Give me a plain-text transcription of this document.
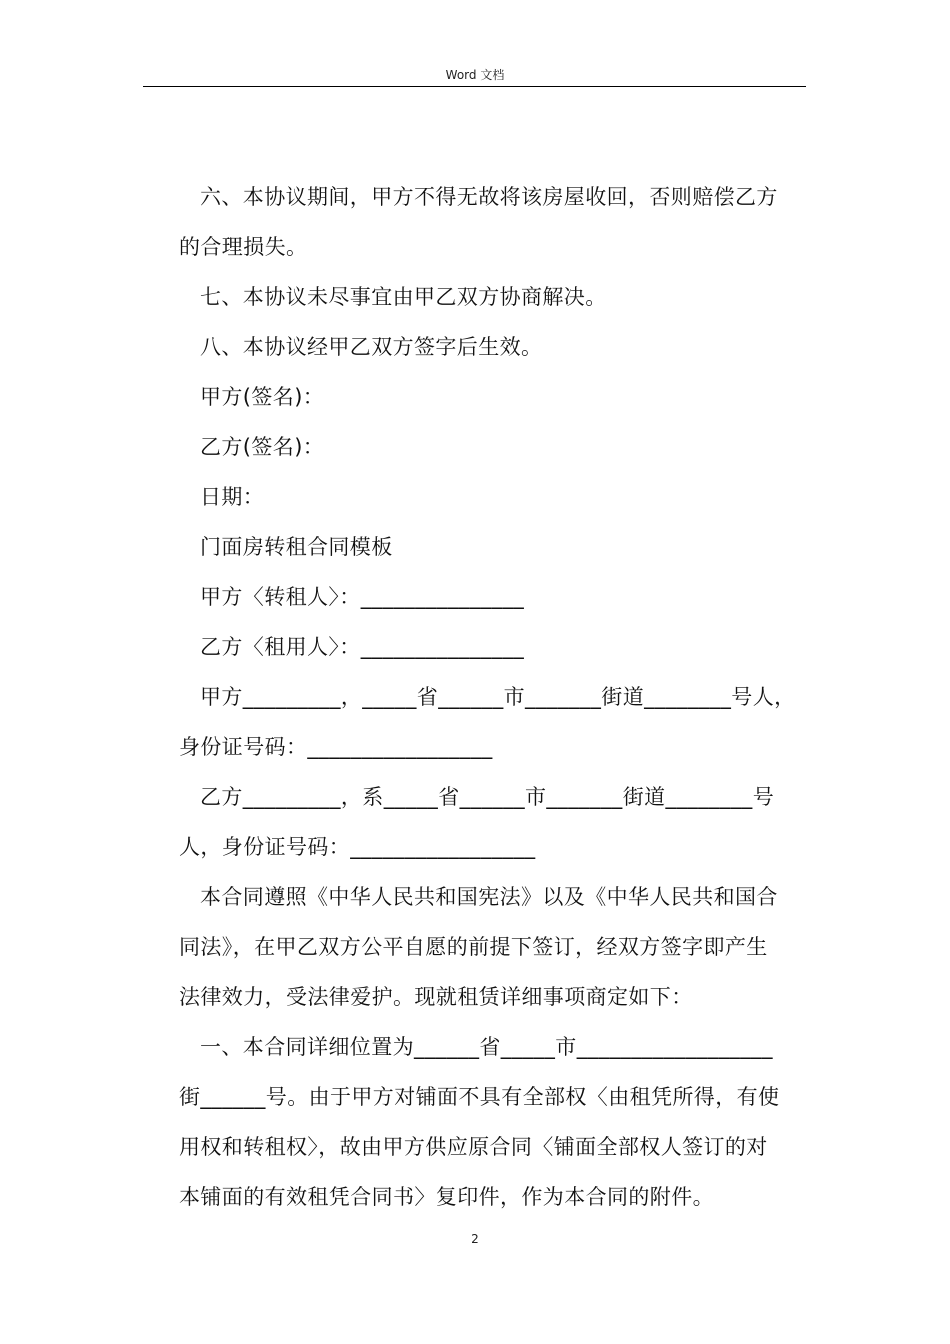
Word 文档

六、本协议期间，甲方不得无故将该房屋收回，否则赔偿乙方

的合理损失。

七、本协议未尽事宜由甲乙双方协商解决。

八、本协议经甲乙双方签字后生效。

甲方(签名)：

乙方(签名)：

日期：

门面房转租合同模板

甲方〈转租人〉：_______________

乙方〈租用人〉：_______________

甲方_________，_____省______市_______街道________号人，

身份证号码：_________________

乙方_________，系_____省______市_______街道________号

人，身份证号码：_________________

本合同遵照《中华人民共和国宪法》以及《中华人民共和国合

同法》，在甲乙双方公平自愿的前提下签订，经双方签字即产生

法律效力，受法律爱护。现就租赁详细事项商定如下：

一、本合同详细位置为______省_____市__________________

街______号。由于甲方对铺面不具有全部权〈由租凭所得，有使

用权和转租权〉，故由甲方供应原合同〈铺面全部权人签订的对

本铺面的有效租凭合同书〉复印件，作为本合同的附件。

2
